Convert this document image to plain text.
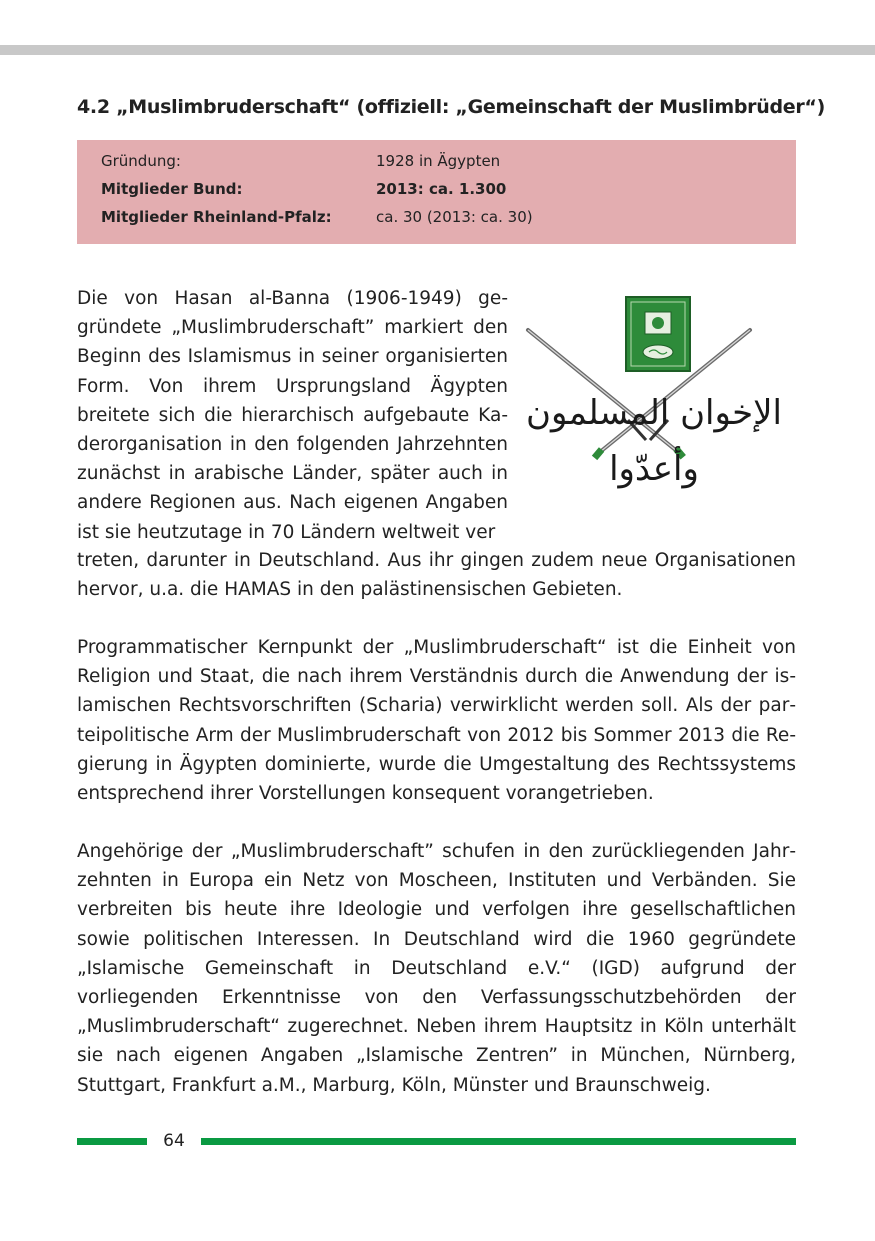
4.2 „Muslimbruderschaft“ (offiziell: „Gemeinschaft der Muslimbrüder“)
Gründung:	1928 in Ägypten
Mitglieder Bund:	2013: ca. 1.300
Mitglieder Rheinland-Pfalz:	ca. 30 (2013: ca. 30)

Die von Hasan al-Banna (1906-1949) gegründete „Muslimbruderschaft” markiert den Beginn des Islamismus in seiner organisierten Form. Von ihrem Ursprungsland Ägypten breitete sich die hierarchisch aufgebaute Kaderorganisation in den folgenden Jahrzehnten zunächst in arabische Länder, später auch in andere Regionen aus. Nach eigenen Angaben ist sie heutzutage in 70 Ländern weltweit ver

الإخوان المسلمون
وأعدّوا

treten, darunter in Deutschland. Aus ihr gingen zudem neue Organisationen hervor, u.a. die HAMAS in den palästinensischen Gebieten.

Programmatischer Kernpunkt der „Muslimbruderschaft“ ist die Einheit von Religion und Staat, die nach ihrem Verständnis durch die Anwendung der islamischen Rechtsvorschriften (Scharia) verwirklicht werden soll. Als der parteipolitische Arm der Muslimbruderschaft von 2012 bis Sommer 2013 die Regierung in Ägypten dominierte, wurde die Umgestaltung des Rechtssystems entsprechend ihrer Vorstellungen konsequent vorangetrieben.

Angehörige der „Muslimbruderschaft” schufen in den zurückliegenden Jahrzehnten in Europa ein Netz von Moscheen, Instituten und Verbänden. Sie verbreiten bis heute ihre Ideologie und verfolgen ihre gesellschaftlichen sowie politischen Interessen. In Deutschland wird die 1960 gegründete „Islamische Gemeinschaft in Deutschland e.V.“ (IGD) aufgrund der vorliegenden Erkenntnisse von den Verfassungsschutzbehörden der „Muslimbruderschaft“ zugerechnet. Neben ihrem Hauptsitz in Köln unterhält sie nach eigenen Angaben „Islamische Zentren” in München, Nürnberg, Stuttgart, Frankfurt a.M., Marburg, Köln, Münster und Braunschweig.

64
